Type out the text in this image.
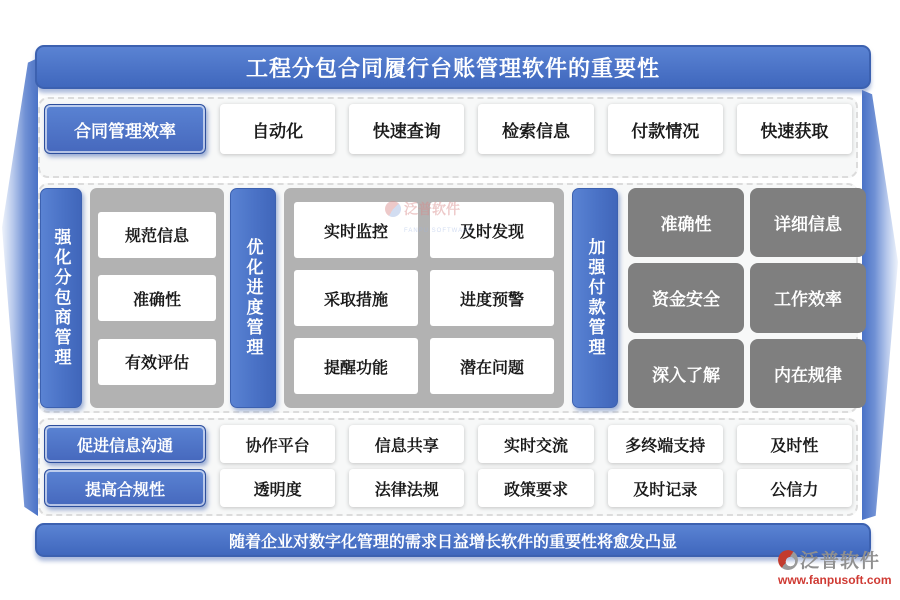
工程分包合同履行台账管理软件的重要性
合同管理效率	自动化	快速查询	检索信息	付款情况	快速获取
强化分包商管理	规范信息
准确性
有效评估
优化进度管理
实时监控	及时发现
采取措施	进度预警
提醒功能	潜在问题
加强付款管理
准确性	详细信息
资金安全	工作效率
深入了解	内在规律
泛普软件
FANPU SOFTWARE
促进信息沟通	协作平台	信息共享	实时交流	多终端支持	及时性
提高合规性	透明度	法律法规	政策要求	及时记录	公信力
随着企业对数字化管理的需求日益增长软件的重要性将愈发凸显
泛普软件
www.fanpusoft.com
